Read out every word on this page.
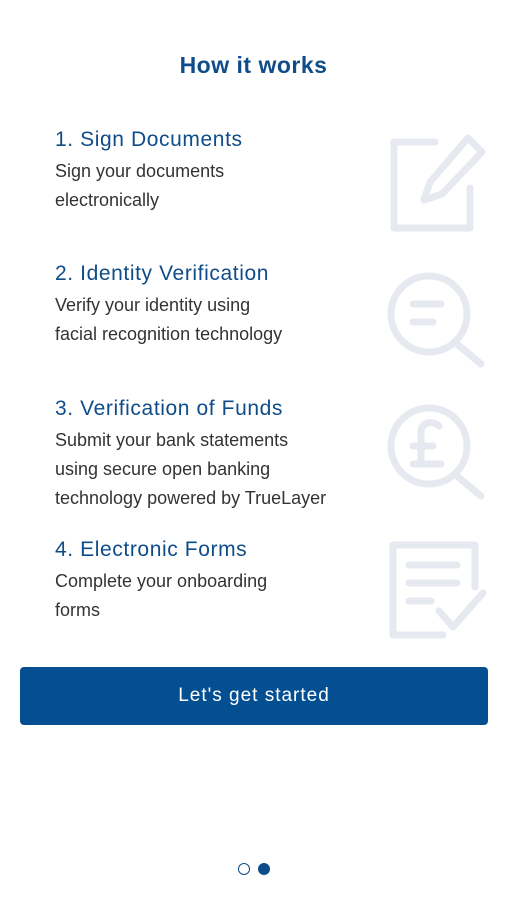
How it works
1. Sign Documents
Sign your documents
electronically
2. Identity Verification
Verify your identity using
facial recognition technology
3. Verification of Funds
Submit your bank statements
using secure open banking
technology powered by TrueLayer
4. Electronic Forms
Complete your onboarding
forms
Let's get started
